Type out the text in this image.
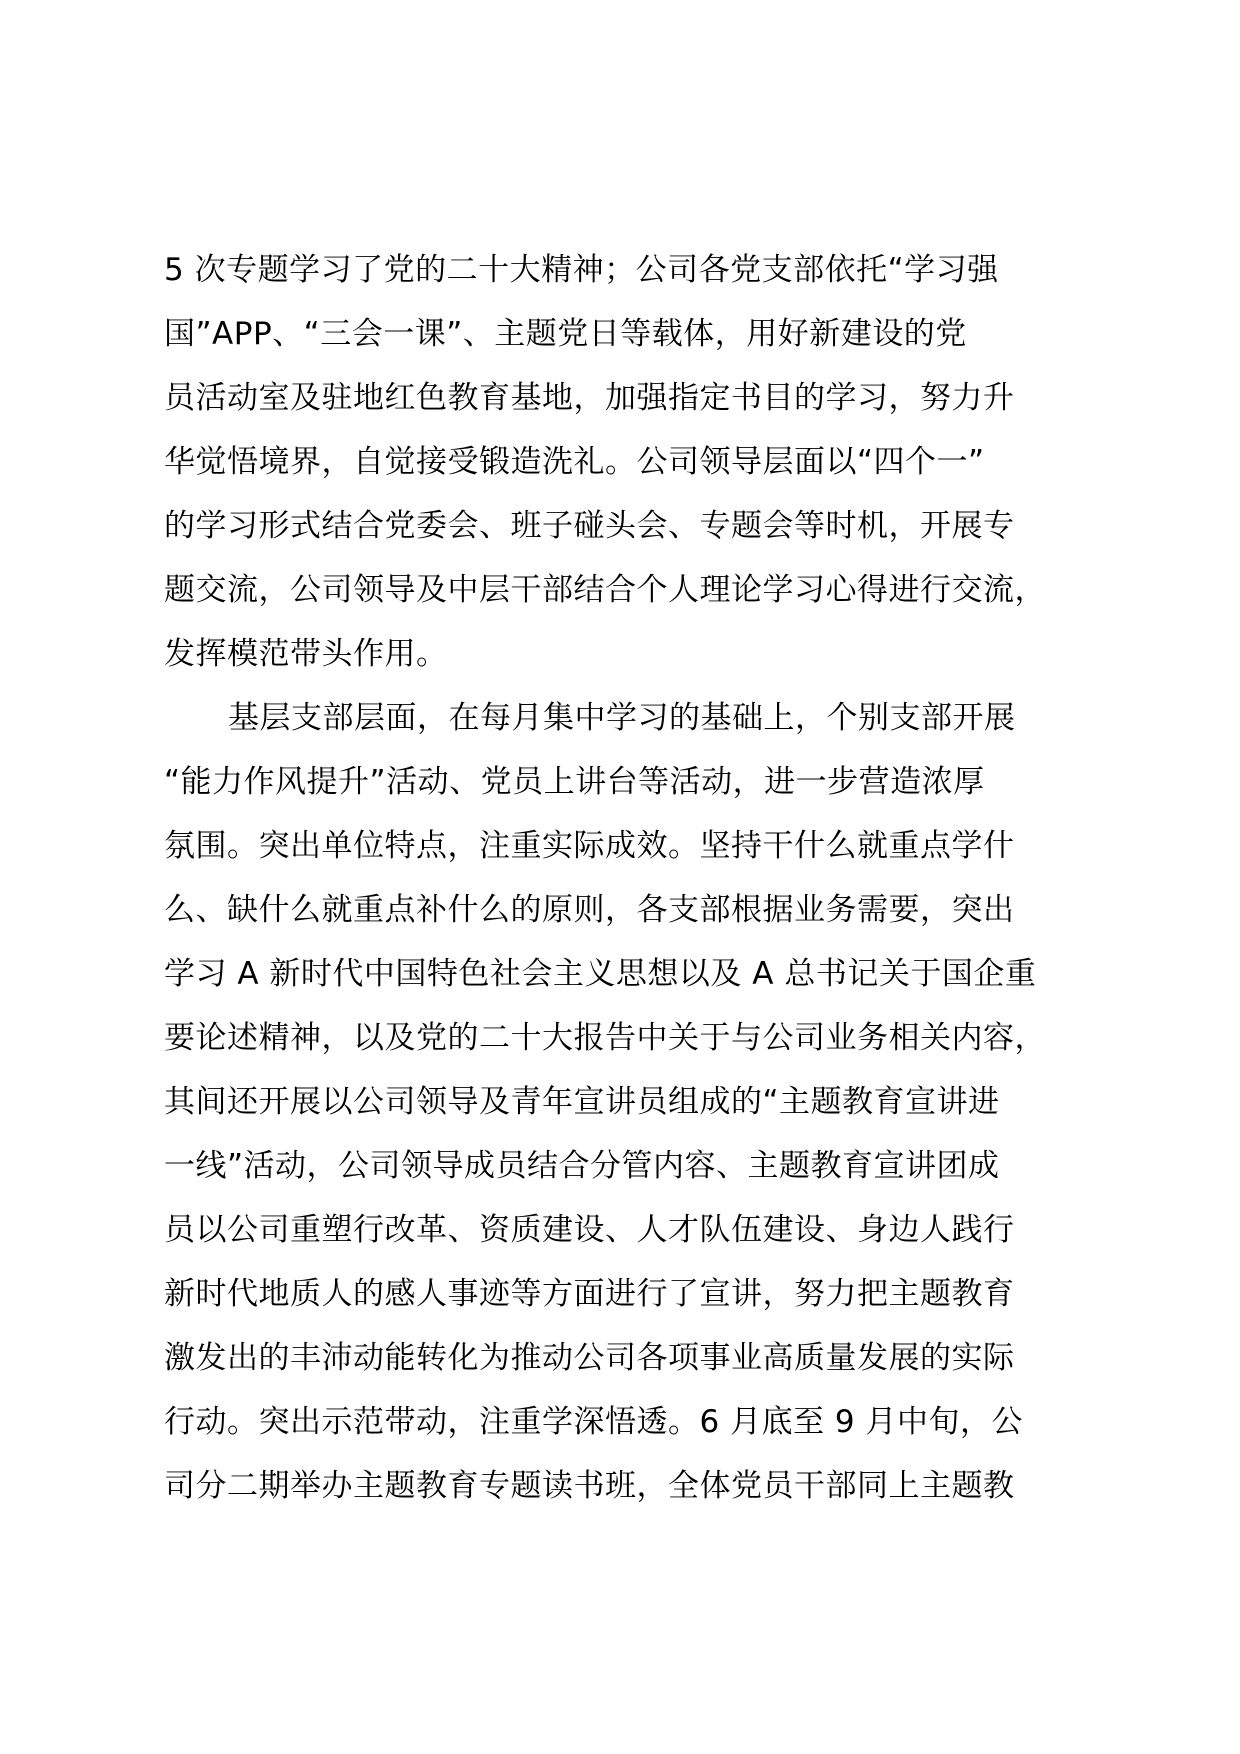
5 次专题学习了党的二十大精神；公司各党支部依托“学习强
国”APP、“三会一课”、主题党日等载体，用好新建设的党
员活动室及驻地红色教育基地，加强指定书目的学习，努力升
华觉悟境界，自觉接受锻造洗礼。公司领导层面以“四个一”
的学习形式结合党委会、班子碰头会、专题会等时机，开展专
题交流，公司领导及中层干部结合个人理论学习心得进行交流，
发挥模范带头作用。
基层支部层面，在每月集中学习的基础上，个别支部开展
“能力作风提升”活动、党员上讲台等活动，进一步营造浓厚
氛围。突出单位特点，注重实际成效。坚持干什么就重点学什
么、缺什么就重点补什么的原则，各支部根据业务需要，突出
学习 A 新时代中国特色社会主义思想以及 A 总书记关于国企重
要论述精神，以及党的二十大报告中关于与公司业务相关内容，
其间还开展以公司领导及青年宣讲员组成的“主题教育宣讲进
一线”活动，公司领导成员结合分管内容、主题教育宣讲团成
员以公司重塑行改革、资质建设、人才队伍建设、身边人践行
新时代地质人的感人事迹等方面进行了宣讲，努力把主题教育
激发出的丰沛动能转化为推动公司各项事业高质量发展的实际
行动。突出示范带动，注重学深悟透。6 月底至 9 月中旬，公
司分二期举办主题教育专题读书班，全体党员干部同上主题教
